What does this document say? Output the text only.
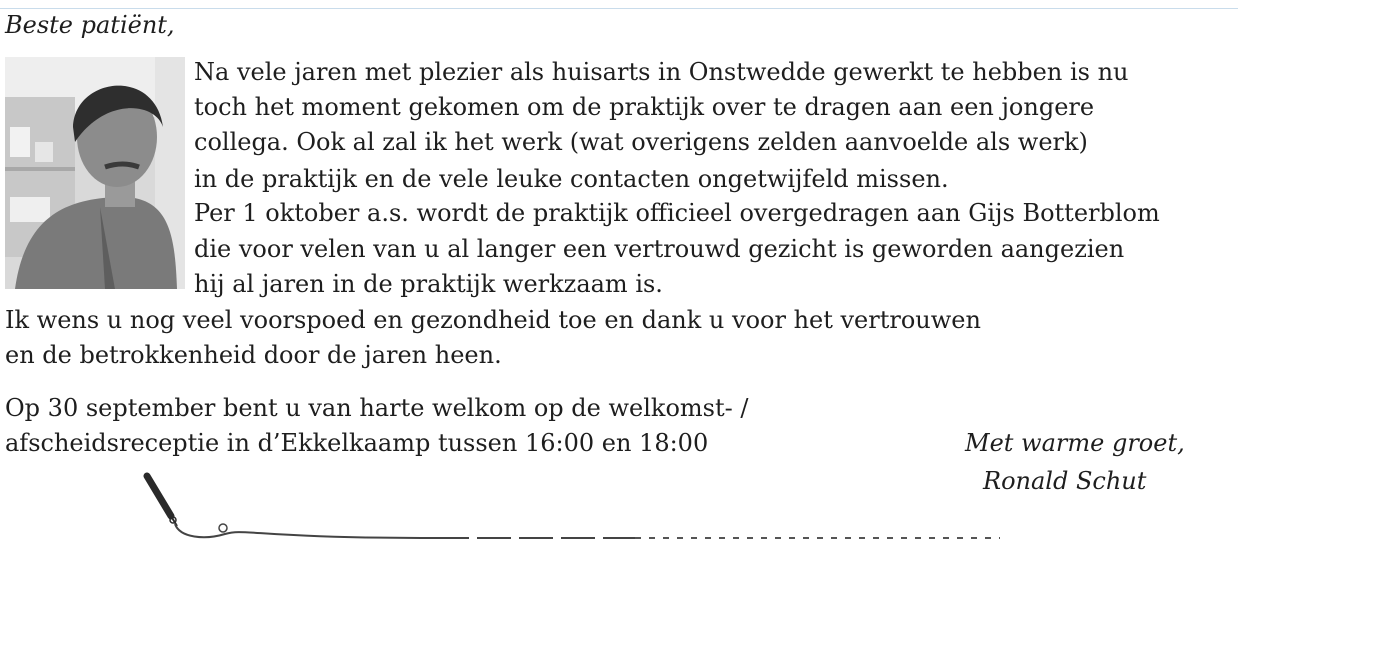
Beste patiënt,
Na vele jaren met plezier als huisarts in Onstwedde gewerkt te hebben is nu
toch het moment gekomen om de praktijk over te dragen aan een jongere
collega. Ook al zal ik het werk (wat overigens zelden aanvoelde als werk)
in de praktijk en de vele leuke contacten ongetwijfeld missen.
Per 1 oktober a.s. wordt de praktijk officieel overgedragen aan Gijs Botterblom
die voor velen van u al langer een vertrouwd gezicht is geworden aangezien
hij al jaren in de praktijk werkzaam is.
Ik wens u nog veel voorspoed en gezondheid toe en dank u voor het vertrouwen
en de betrokkenheid door de jaren heen.
Op 30 september bent u van harte welkom op de welkomst- /
afscheidsreceptie in d’Ekkelkaamp tussen 16:00 en 18:00	Met warme groet,
Ronald Schut
